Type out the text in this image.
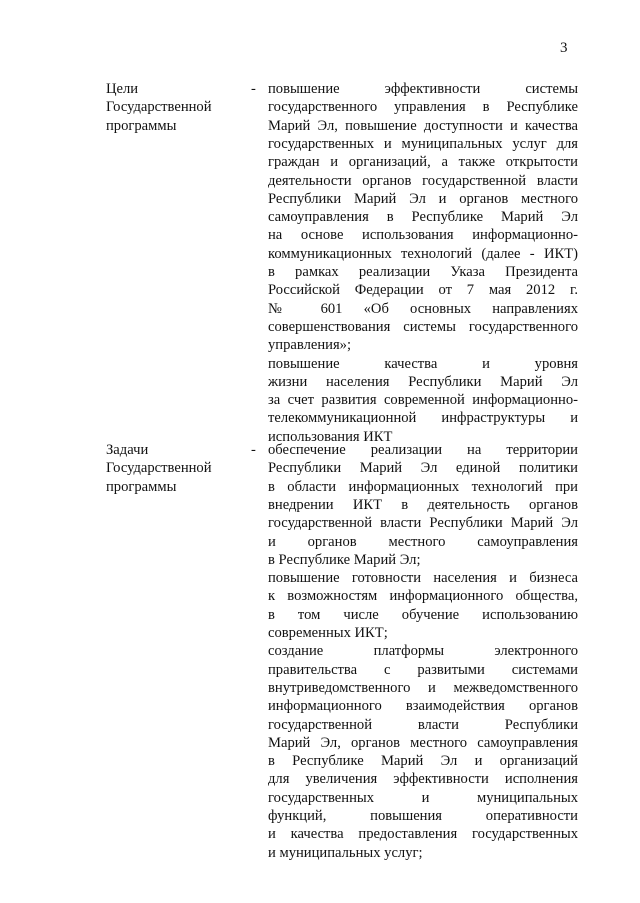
3
Цели
Государственной
программы
- повышение эффективности системы
государственного управления в Республике
Марий Эл, повышение доступности и качества
государственных и муниципальных услуг для
граждан и организаций, а также открытости
деятельности органов государственной власти
Республики Марий Эл и органов местного
самоуправления в Республике Марий Эл
на основе использования информационно-
коммуникационных технологий (далее - ИКТ)
в рамках реализации Указа Президента
Российской Федерации от 7 мая 2012 г.
№ 601 «Об основных направлениях
совершенствования системы государственного
управления»;
повышение качества и уровня
жизни населения Республики Марий Эл
за счет развития современной информационно-
телекоммуникационной инфраструктуры и
использования ИКТ
Задачи
Государственной
программы
- обеспечение реализации на территории
Республики Марий Эл единой политики
в области информационных технологий при
внедрении ИКТ в деятельность органов
государственной власти Республики Марий Эл
и органов местного самоуправления
в Республике Марий Эл;
повышение готовности населения и бизнеса
к возможностям информационного общества,
в том числе обучение использованию
современных ИКТ;
создание платформы электронного
правительства с развитыми системами
внутриведомственного и межведомственного
информационного взаимодействия органов
государственной власти Республики
Марий Эл, органов местного самоуправления
в Республике Марий Эл и организаций
для увеличения эффективности исполнения
государственных и муниципальных
функций, повышения оперативности
и качества предоставления государственных
и муниципальных услуг;
